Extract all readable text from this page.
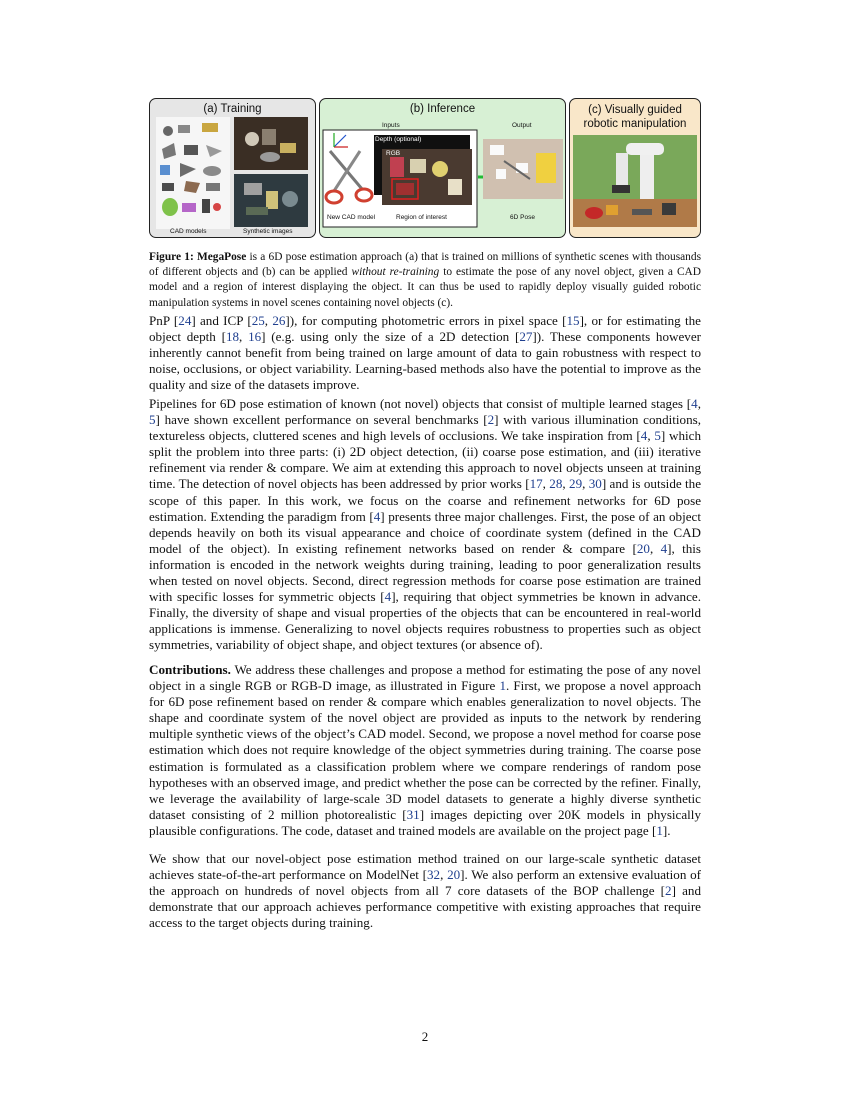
(a) Training
CAD models	Synthetic images
(b) Inference
Inputs	Output
Depth (optional)
RGB
New CAD model	Region of interest	6D Pose
(c) Visually guided
robotic manipulation
Figure 1: MegaPose is a 6D pose estimation approach (a) that is trained on millions of synthetic scenes with thousands of different objects and (b) can be applied without re-training to estimate the pose of any novel object, given a CAD model and a region of interest displaying the object. It can thus be used to rapidly deploy visually guided robotic manipulation systems in novel scenes containing novel objects (c).

PnP [24] and ICP [25, 26]), for computing photometric errors in pixel space [15], or for estimating the object depth [18, 16] (e.g. using only the size of a 2D detection [27]). These components however inherently cannot benefit from being trained on large amount of data to gain robustness with respect to noise, occlusions, or object variability. Learning-based methods also have the potential to improve as the quality and size of the datasets improve.

Pipelines for 6D pose estimation of known (not novel) objects that consist of multiple learned stages [4, 5] have shown excellent performance on several benchmarks [2] with various illumination conditions, textureless objects, cluttered scenes and high levels of occlusions. We take inspiration from [4, 5] which split the problem into three parts: (i) 2D object detection, (ii) coarse pose estimation, and (iii) iterative refinement via render & compare. We aim at extending this approach to novel objects unseen at training time. The detection of novel objects has been addressed by prior works [17, 28, 29, 30] and is outside the scope of this paper. In this work, we focus on the coarse and refinement networks for 6D pose estimation. Extending the paradigm from [4] presents three major challenges. First, the pose of an object depends heavily on both its visual appearance and choice of coordinate system (defined in the CAD model of the object). In existing refinement networks based on render & compare [20, 4], this information is encoded in the network weights during training, leading to poor generalization results when tested on novel objects. Second, direct regression methods for coarse pose estimation are trained with specific losses for symmetric objects [4], requiring that object symmetries be known in advance. Finally, the diversity of shape and visual properties of the objects that can be encountered in real-world applications is immense. Generalizing to novel objects requires robustness to properties such as object symmetries, variability of object shape, and object textures (or absence of).

Contributions. We address these challenges and propose a method for estimating the pose of any novel object in a single RGB or RGB-D image, as illustrated in Figure 1. First, we propose a novel approach for 6D pose refinement based on render & compare which enables generalization to novel objects. The shape and coordinate system of the novel object are provided as inputs to the network by rendering multiple synthetic views of the object’s CAD model. Second, we propose a novel method for coarse pose estimation which does not require knowledge of the object symmetries during training. The coarse pose estimation is formulated as a classification problem where we compare renderings of random pose hypotheses with an observed image, and predict whether the pose can be corrected by the refiner. Finally, we leverage the availability of large-scale 3D model datasets to generate a highly diverse synthetic dataset consisting of 2 million photorealistic [31] images depicting over 20K models in physically plausible configurations. The code, dataset and trained models are available on the project page [1].

We show that our novel-object pose estimation method trained on our large-scale synthetic dataset achieves state-of-the-art performance on ModelNet [32, 20]. We also perform an extensive evaluation of the approach on hundreds of novel objects from all 7 core datasets of the BOP challenge [2] and demonstrate that our approach achieves performance competitive with existing approaches that require access to the target objects during training.

2
